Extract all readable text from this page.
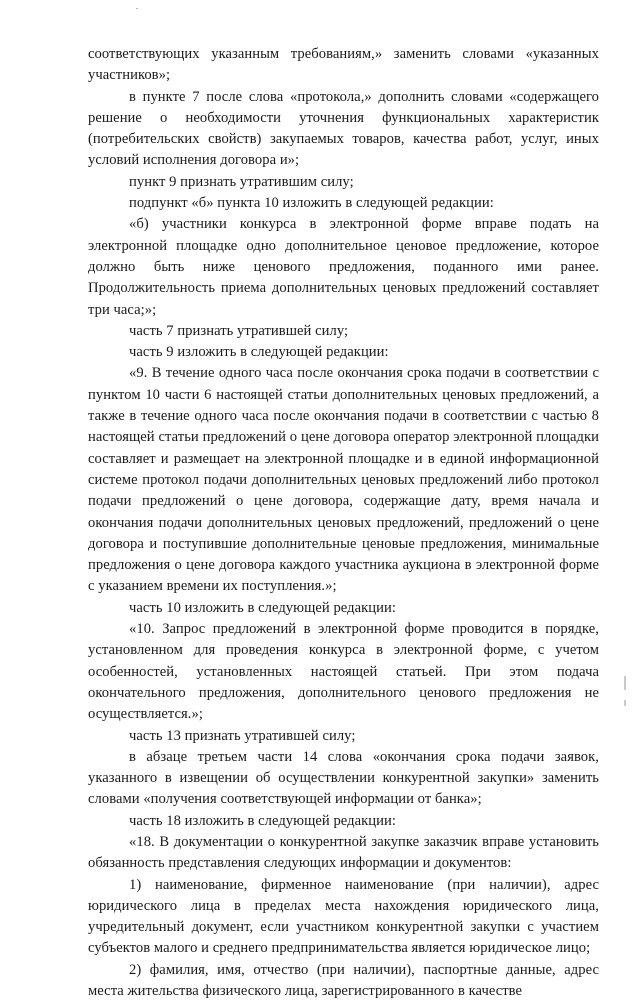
соответствующих указанным требованиям,» заменить словами «указанных участников»;

в пункте 7 после слова «протокола,» дополнить словами «содержащего решение о необходимости уточнения функциональных характеристик (потребительских свойств) закупаемых товаров, качества работ, услуг, иных условий исполнения договора и»;

пункт 9 признать утратившим силу;

подпункт «б» пункта 10 изложить в следующей редакции:

«б) участники конкурса в электронной форме вправе подать на электронной площадке одно дополнительное ценовое предложение, которое должно быть ниже ценового предложения, поданного ими ранее. Продолжительность приема дополнительных ценовых предложений составляет три часа;»;

часть 7 признать утратившей силу;

часть 9 изложить в следующей редакции:

«9. В течение одного часа после окончания срока подачи в соответствии с пунктом 10 части 6 настоящей статьи дополнительных ценовых предложений, а также в течение одного часа после окончания подачи в соответствии с частью 8 настоящей статьи предложений о цене договора оператор электронной площадки составляет и размещает на электронной площадке и в единой информационной системе протокол подачи дополнительных ценовых предложений либо протокол подачи предложений о цене договора, содержащие дату, время начала и окончания подачи дополнительных ценовых предложений, предложений о цене договора и поступившие дополнительные ценовые предложения, минимальные предложения о цене договора каждого участника аукциона в электронной форме с указанием времени их поступления.»;

часть 10 изложить в следующей редакции:

«10. Запрос предложений в электронной форме проводится в порядке, установленном для проведения конкурса в электронной форме, с учетом особенностей, установленных настоящей статьей. При этом подача окончательного предложения, дополнительного ценового предложения не осуществляется.»;

часть 13 признать утратившей силу;

в абзаце третьем части 14 слова «окончания срока подачи заявок, указанного в извещении об осуществлении конкурентной закупки» заменить словами «получения соответствующей информации от банка»;

часть 18 изложить в следующей редакции:

«18. В документации о конкурентной закупке заказчик вправе установить обязанность представления следующих информации и документов:

1) наименование, фирменное наименование (при наличии), адрес юридического лица в пределах места нахождения юридического лица, учредительный документ, если участником конкурентной закупки с участием субъектов малого и среднего предпринимательства является юридическое лицо;

2) фамилия, имя, отчество (при наличии), паспортные данные, адрес места жительства физического лица, зарегистрированного в качестве
